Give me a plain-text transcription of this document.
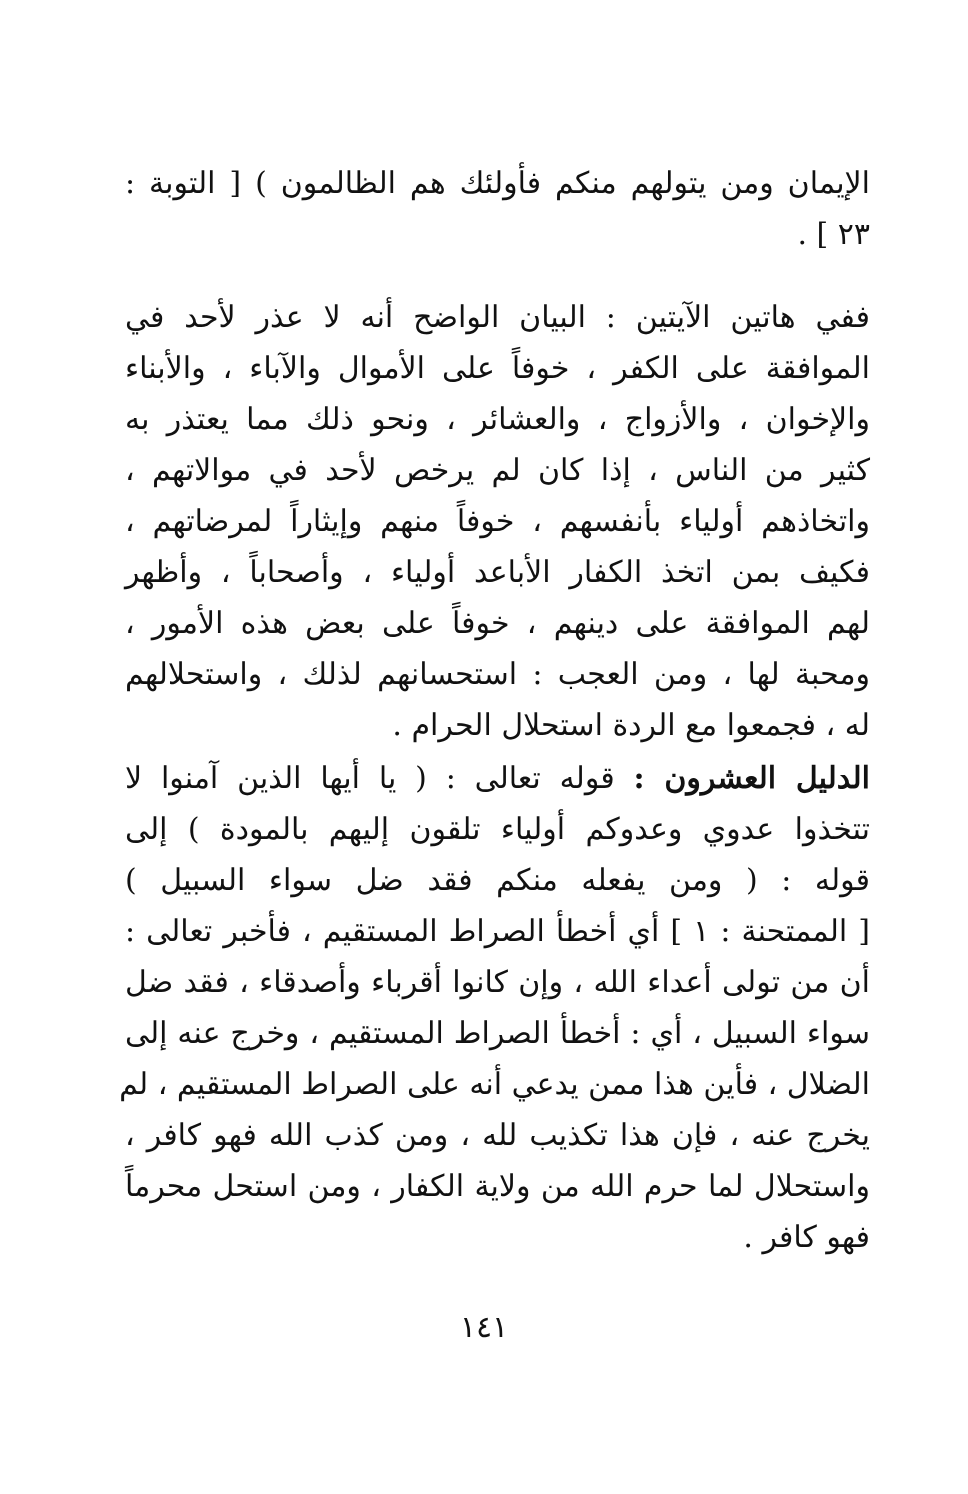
الإيمان ومن يتولهم منكم فأولئك هم الظالمون ) [ التوبة :
٢٣ ] .
ففي هاتين الآيتين : البيان الواضح أنه لا عذر لأحد في
الموافقة على الكفر ، خوفاً على الأموال والآباء ، والأبناء
والإخوان ، والأزواج ، والعشائر ، ونحو ذلك مما يعتذر به
كثير من الناس ، إذا كان لم يرخص لأحد في موالاتهم ،
واتخاذهم أولياء بأنفسهم ، خوفاً منهم وإيثاراً لمرضاتهم ،
فكيف بمن اتخذ الكفار الأباعد أولياء ، وأصحاباً ، وأظهر
لهم الموافقة على دينهم ، خوفاً على بعض هذه الأمور ،
ومحبة لها ، ومن العجب : استحسانهم لذلك ، واستحلالهم
له ، فجمعوا مع الردة استحلال الحرام .
الدليل العشرون : قوله تعالى : ( يا أيها الذين آمنوا لا
تتخذوا عدوي وعدوكم أولياء تلقون إليهم بالمودة ) إلى
قوله : ( ومن يفعله منكم فقد ضل سواء السبيل )
[ الممتحنة : ١ ] أي أخطأ الصراط المستقيم ، فأخبر تعالى :
أن من تولى أعداء الله ، وإن كانوا أقرباء وأصدقاء ، فقد ضل
سواء السبيل ، أي : أخطأ الصراط المستقيم ، وخرج عنه إلى
الضلال ، فأين هذا ممن يدعي أنه على الصراط المستقيم ، لم
يخرج عنه ، فإن هذا تكذيب لله ، ومن كذب الله فهو كافر ،
واستحلال لما حرم الله من ولاية الكفار ، ومن استحل محرماً
فهو كافر .
١٤١
